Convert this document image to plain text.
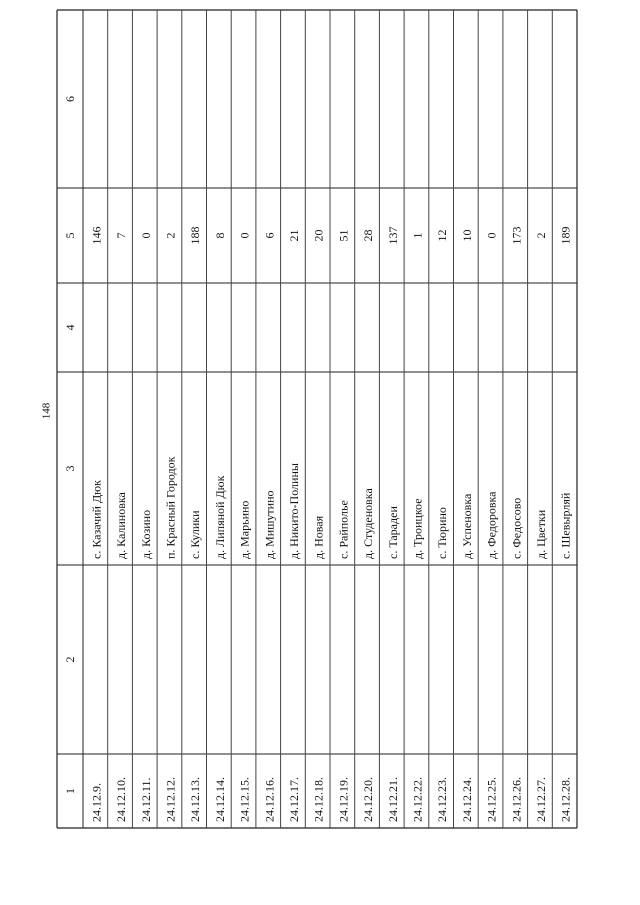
148
6
5
4
3
2
1 24.12.9.
с. Казачий Дюк
146
24.12.10.
д. Калиновка
7
24.12.11.
д. Козино
0
24.12.12.
п. Красный Городок
2
24.12.13.
с. Кулики
188
24.12.14.
д. Липяной Дюк
8
24.12.15.
д. Марьино
0
24.12.16.
д. Мишутино
6
24.12.17.
д. Никито-Полины
21
24.12.18.
д. Новая
20
24.12.19.
с. Райполье
51
24.12.20.
д. Студеновка
28
24.12.21.
с. Тарадеи
137
24.12.22.
д. Троицкое
1
24.12.23.
с. Тюрино
12
24.12.24.
д. Успеновка
10
24.12.25.
д. Федоровка
0
24.12.26.
с. Федосово
173
24.12.27.
д. Цветки
2
24.12.28.
с. Шевырляй
189
